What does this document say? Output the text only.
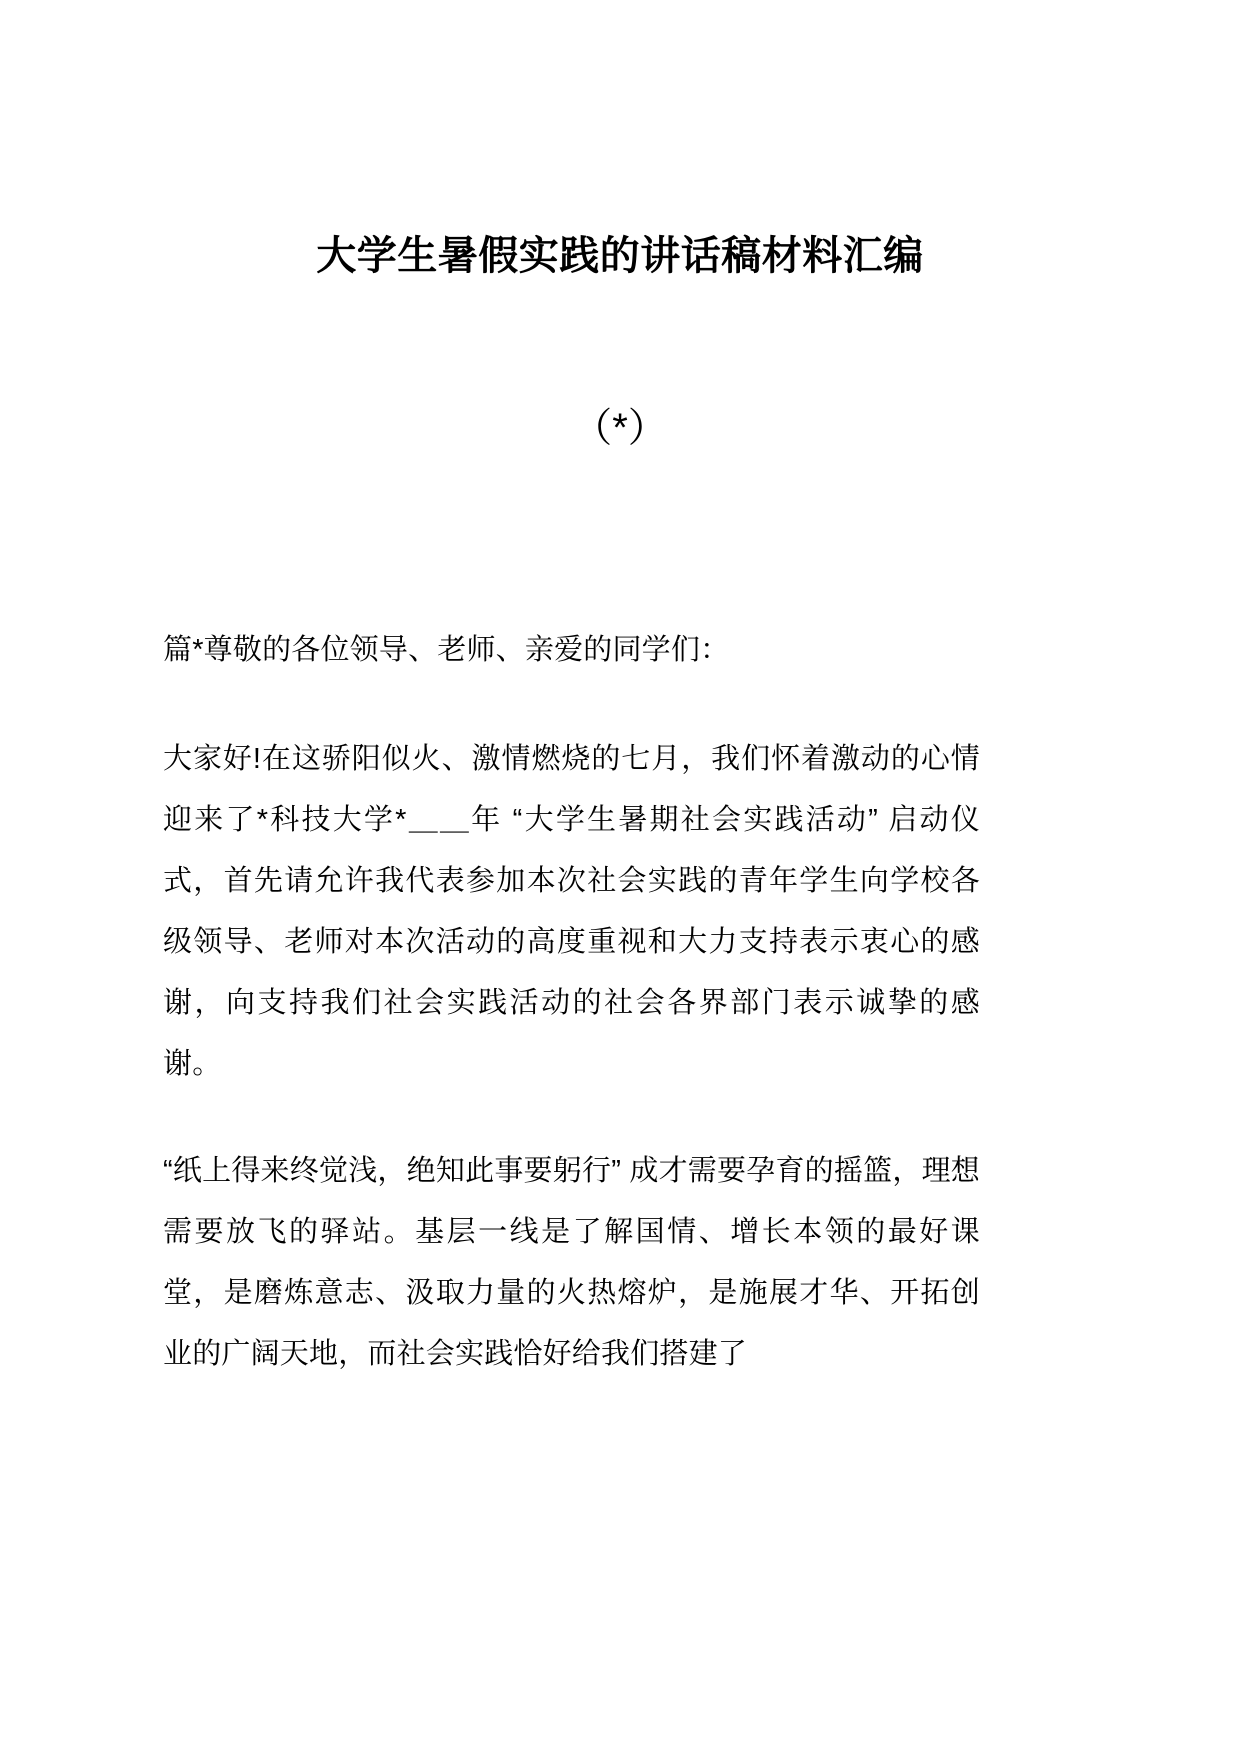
大学生暑假实践的讲话稿材料汇编
（*）

篇*尊敬的各位领导、老师、亲爱的同学们：

大家好!在这骄阳似火、激情燃烧的七月，我们怀着激动的心情迎来了*科技大学*＿＿年 “大学生暑期社会实践活动” 启动仪式，首先请允许我代表参加本次社会实践的青年学生向学校各级领导、老师对本次活动的高度重视和大力支持表示衷心的感谢，向支持我们社会实践活动的社会各界部门表示诚挚的感谢。

“纸上得来终觉浅，绝知此事要躬行” 成才需要孕育的摇篮，理想需要放飞的驿站。基层一线是了解国情、增长本领的最好课堂，是磨炼意志、汲取力量的火热熔炉，是施展才华、开拓创业的广阔天地，而社会实践恰好给我们搭建了
